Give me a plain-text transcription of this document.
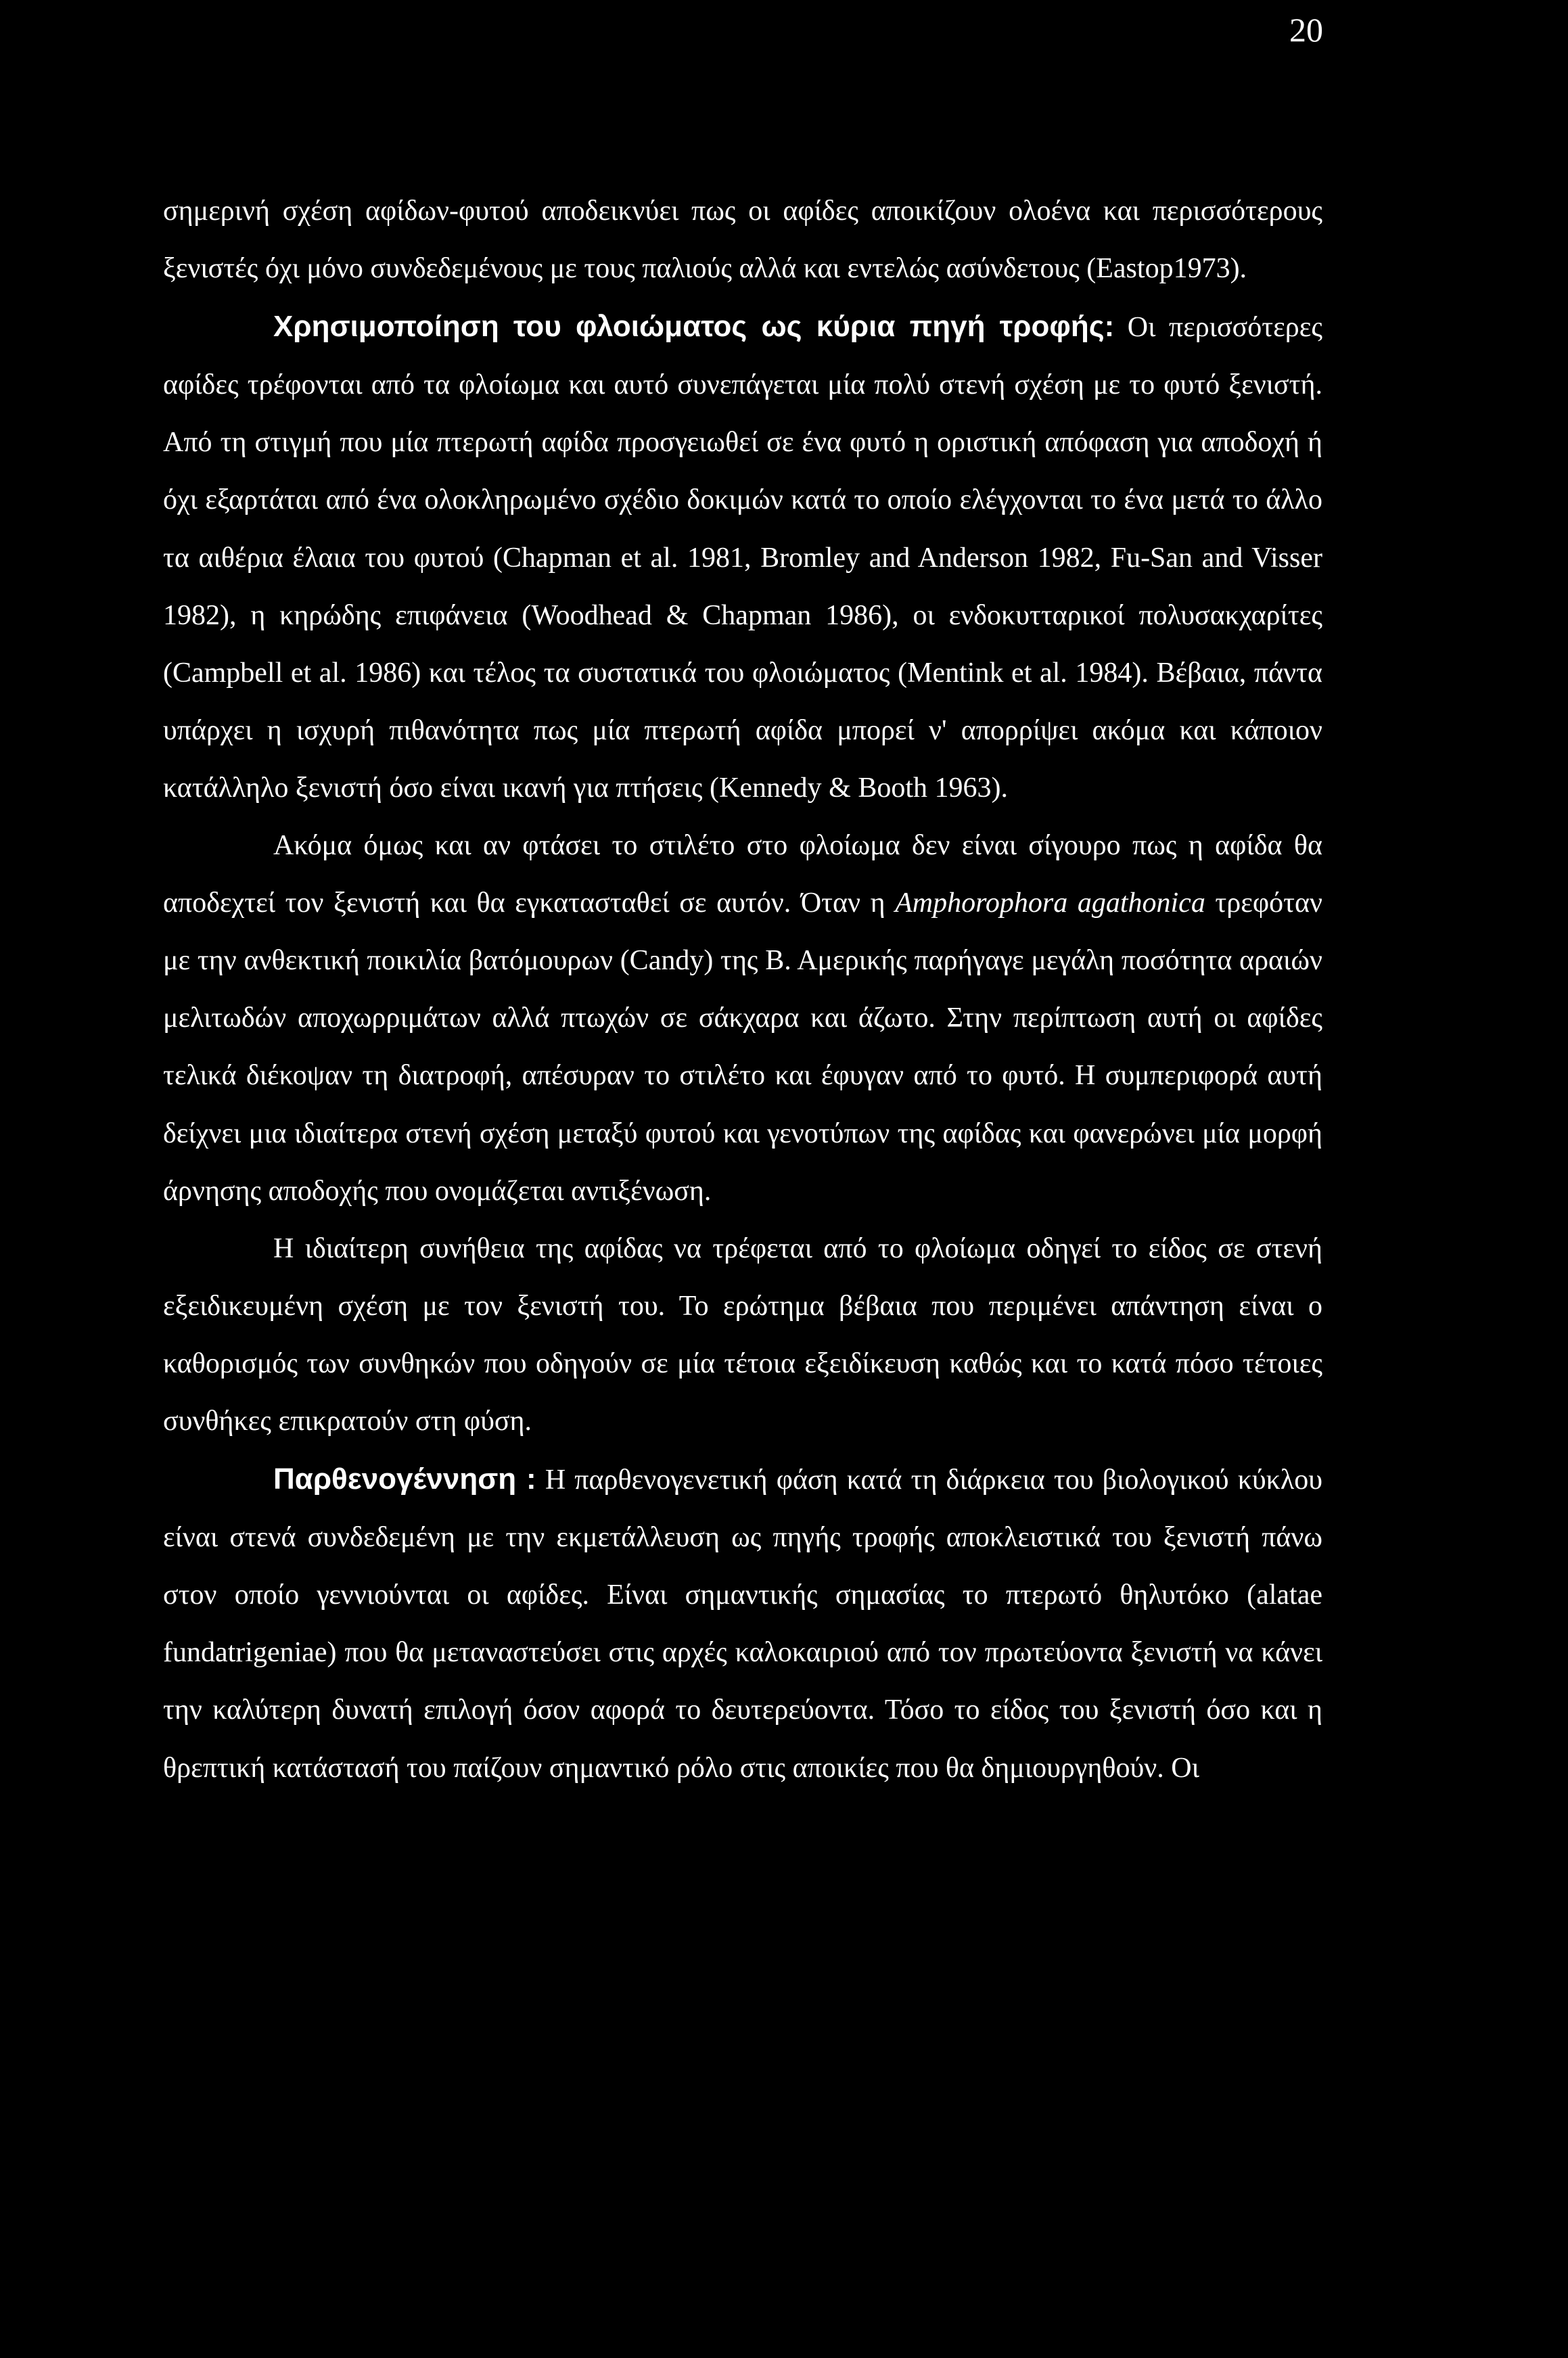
20

σημερινή σχέση αφίδων-φυτού αποδεικνύει πως οι αφίδες αποικίζουν ολοένα και περισσότερους ξενιστές όχι μόνο συνδεδεμένους με τους παλιούς αλλά και εντελώς ασύνδετους (Eastop1973).

Χρησιμοποίηση του φλοιώματος ως κύρια πηγή τροφής: Οι περισσότερες αφίδες τρέφονται από τα φλοίωμα και αυτό συνεπάγεται μία πολύ στενή σχέση με το φυτό ξενιστή. Από τη στιγμή που μία πτερωτή αφίδα προσγειωθεί σε ένα φυτό η οριστική απόφαση για αποδοχή ή όχι εξαρτάται από ένα ολοκληρωμένο σχέδιο δοκιμών κατά το οποίο ελέγχονται το ένα μετά το άλλο τα αιθέρια έλαια του φυτού (Chapman et al. 1981, Bromley and Anderson 1982, Fu-San and Visser 1982), η κηρώδης επιφάνεια (Woodhead & Chapman 1986), οι ενδοκυτταρικοί πολυσακχαρίτες (Campbell et al. 1986) και τέλος τα συστατικά του φλοιώματος (Mentink et al. 1984). Βέβαια, πάντα υπάρχει η ισχυρή πιθανότητα πως μία πτερωτή αφίδα μπορεί ν' απορρίψει ακόμα και κάποιον κατάλληλο ξενιστή όσο είναι ικανή για πτήσεις (Kennedy & Booth 1963).

Ακόμα όμως και αν φτάσει το στιλέτο στο φλοίωμα δεν είναι σίγουρο πως η αφίδα θα αποδεχτεί τον ξενιστή και θα εγκατασταθεί σε αυτόν. Όταν η Amphorophora agathonica τρεφόταν με την ανθεκτική ποικιλία βατόμουρων (Candy) της Β. Αμερικής παρήγαγε μεγάλη ποσότητα αραιών μελιτωδών αποχωρριμάτων αλλά πτωχών σε σάκχαρα και άζωτο. Στην περίπτωση αυτή οι αφίδες τελικά διέκοψαν τη διατροφή, απέσυραν το στιλέτο και έφυγαν από το φυτό. Η συμπεριφορά αυτή δείχνει μια ιδιαίτερα στενή σχέση μεταξύ φυτού και γενοτύπων της αφίδας και φανερώνει μία μορφή άρνησης αποδοχής που ονομάζεται αντιξένωση.

Η ιδιαίτερη συνήθεια της αφίδας να τρέφεται από το φλοίωμα οδηγεί το είδος σε στενή εξειδικευμένη σχέση με τον ξενιστή του. Το ερώτημα βέβαια που περιμένει απάντηση είναι ο καθορισμός των συνθηκών που οδηγούν σε μία τέτοια εξειδίκευση καθώς και το κατά πόσο τέτοιες συνθήκες επικρατούν στη φύση.

Παρθενογέννηση : Η παρθενογενετική φάση κατά τη διάρκεια του βιολογικού κύκλου είναι στενά συνδεδεμένη με την εκμετάλλευση ως πηγής τροφής αποκλειστικά του ξενιστή πάνω στον οποίο γεννιούνται οι αφίδες. Είναι σημαντικής σημασίας το πτερωτό θηλυτόκο (alatae fundatrigeniae) που θα μεταναστεύσει στις αρχές καλοκαιριού από τον πρωτεύοντα ξενιστή να κάνει την καλύτερη δυνατή επιλογή όσον αφορά το δευτερεύοντα. Τόσο το είδος του ξενιστή όσο και η θρεπτική κατάστασή του παίζουν σημαντικό ρόλο στις αποικίες που θα δημιουργηθούν. Οι
